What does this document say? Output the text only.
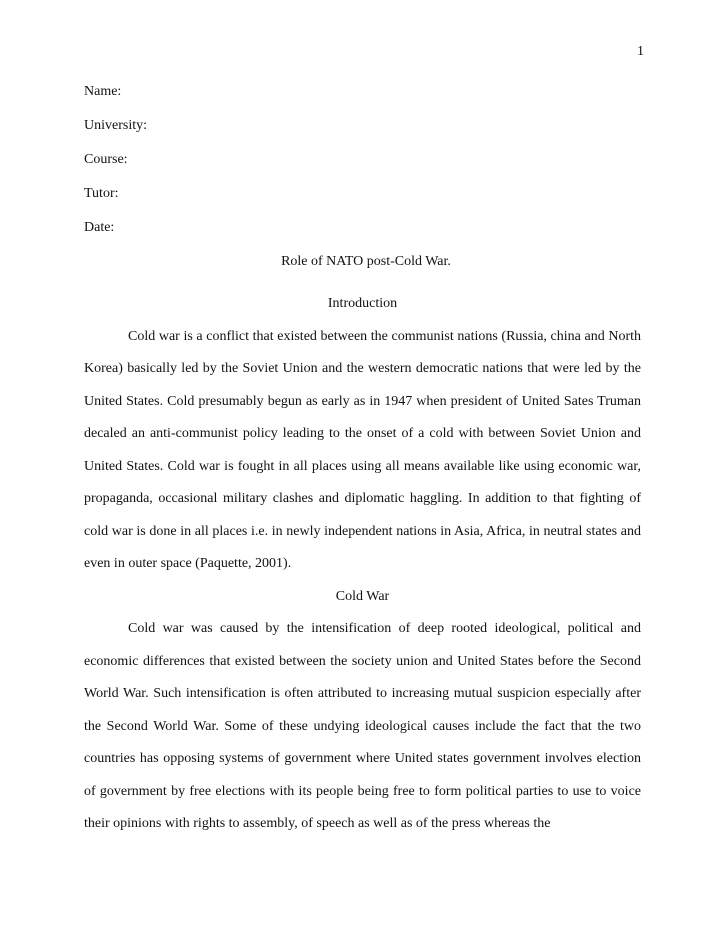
1
Name:
University:
Course:
Tutor:
Date:
Role of NATO post-Cold War.
Introduction

Cold war is a conflict that existed between the communist nations (Russia, china and North Korea) basically led by the Soviet Union and the western democratic nations that were led by the United States. Cold presumably begun as early as in 1947 when president of United Sates Truman decaled an anti-communist policy leading to the onset of a cold with between Soviet Union and United States. Cold war is fought in all places using all means available like using economic war, propaganda, occasional military clashes and diplomatic haggling. In addition to that fighting of cold war is done in all places i.e. in newly independent nations in Asia, Africa, in neutral states and even in outer space (Paquette, 2001).

Cold War

Cold war was caused by the intensification of deep rooted ideological, political and economic differences that existed between the society union and United States before the Second World War. Such intensification is often attributed to increasing mutual suspicion especially after the Second World War. Some of these undying ideological causes include the fact that the two countries has opposing systems of government where United states government involves election of government by free elections with its people being free to form political parties to use to voice their opinions with rights to assembly, of speech as well as of the press whereas the
